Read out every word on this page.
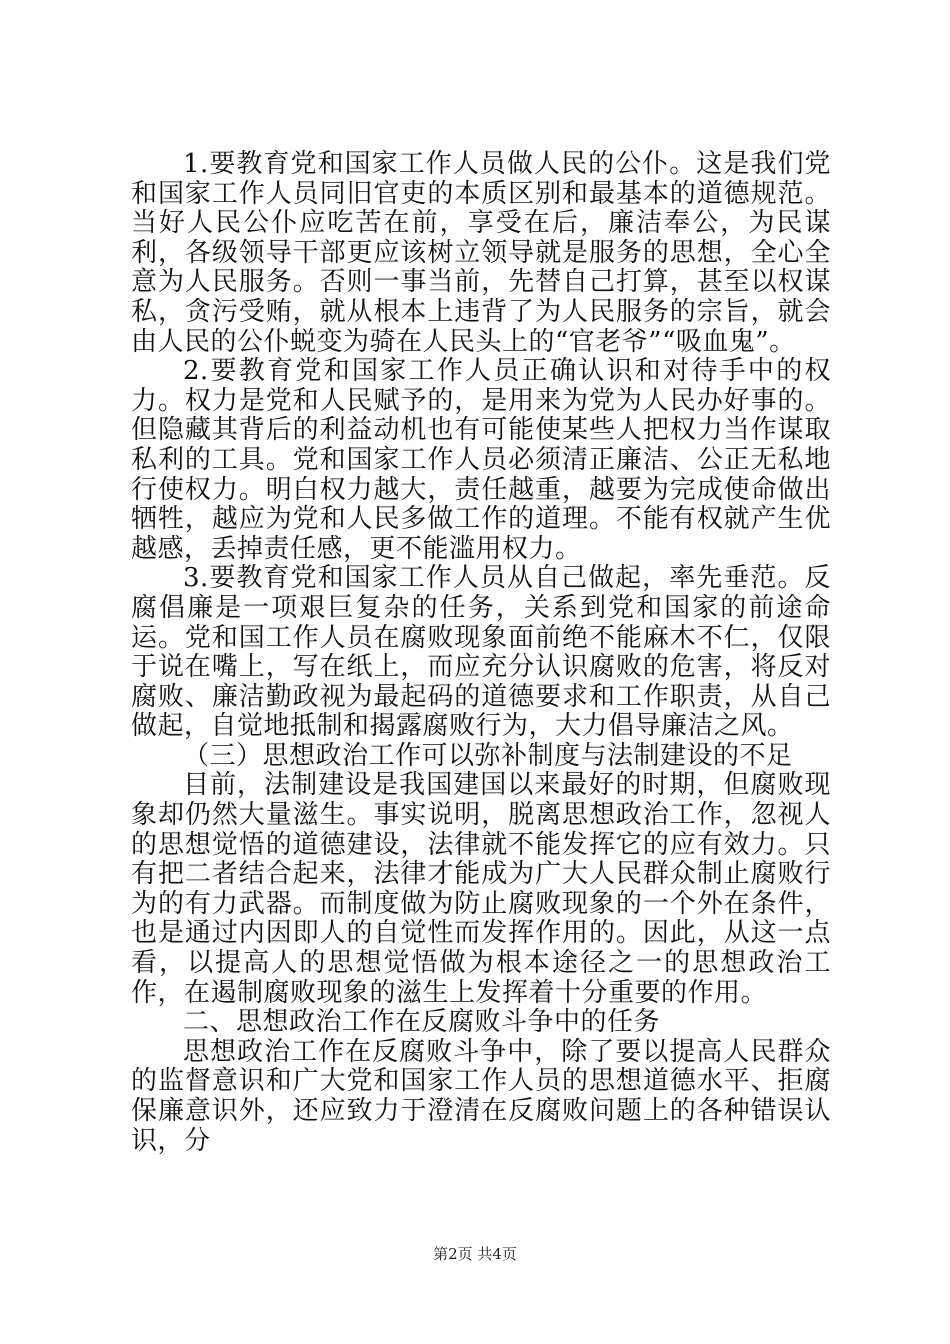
1.要教育党和国家工作人员做人民的公仆。这是我们党和国家工作人员同旧官吏的本质区别和最基本的道德规范。当好人民公仆应吃苦在前，享受在后，廉洁奉公，为民谋利，各级领导干部更应该树立领导就是服务的思想，全心全意为人民服务。否则一事当前，先替自己打算，甚至以权谋私，贪污受贿，就从根本上违背了为人民服务的宗旨，就会由人民的公仆蜕变为骑在人民头上的“官老爷”“吸血鬼”。

2.要教育党和国家工作人员正确认识和对待手中的权力。权力是党和人民赋予的，是用来为党为人民办好事的。但隐藏其背后的利益动机也有可能使某些人把权力当作谋取私利的工具。党和国家工作人员必须清正廉洁、公正无私地行使权力。明白权力越大，责任越重，越要为完成使命做出牺牲，越应为党和人民多做工作的道理。不能有权就产生优越感，丢掉责任感，更不能滥用权力。

3.要教育党和国家工作人员从自己做起，率先垂范。反腐倡廉是一项艰巨复杂的任务，关系到党和国家的前途命运。党和国工作人员在腐败现象面前绝不能麻木不仁，仅限于说在嘴上，写在纸上，而应充分认识腐败的危害，将反对腐败、廉洁勤政视为最起码的道德要求和工作职责，从自己做起，自觉地抵制和揭露腐败行为，大力倡导廉洁之风。

（三）思想政治工作可以弥补制度与法制建设的不足

目前，法制建设是我国建国以来最好的时期，但腐败现象却仍然大量滋生。事实说明，脱离思想政治工作，忽视人的思想觉悟的道德建设，法律就不能发挥它的应有效力。只有把二者结合起来，法律才能成为广大人民群众制止腐败行为的有力武器。而制度做为防止腐败现象的一个外在条件，也是通过内因即人的自觉性而发挥作用的。因此，从这一点看，以提高人的思想觉悟做为根本途径之一的思想政治工作，在遏制腐败现象的滋生上发挥着十分重要的作用。

二、思想政治工作在反腐败斗争中的任务

思想政治工作在反腐败斗争中，除了要以提高人民群众的监督意识和广大党和国家工作人员的思想道德水平、拒腐保廉意识外，还应致力于澄清在反腐败问题上的各种错误认识，分

第2页 共4页
